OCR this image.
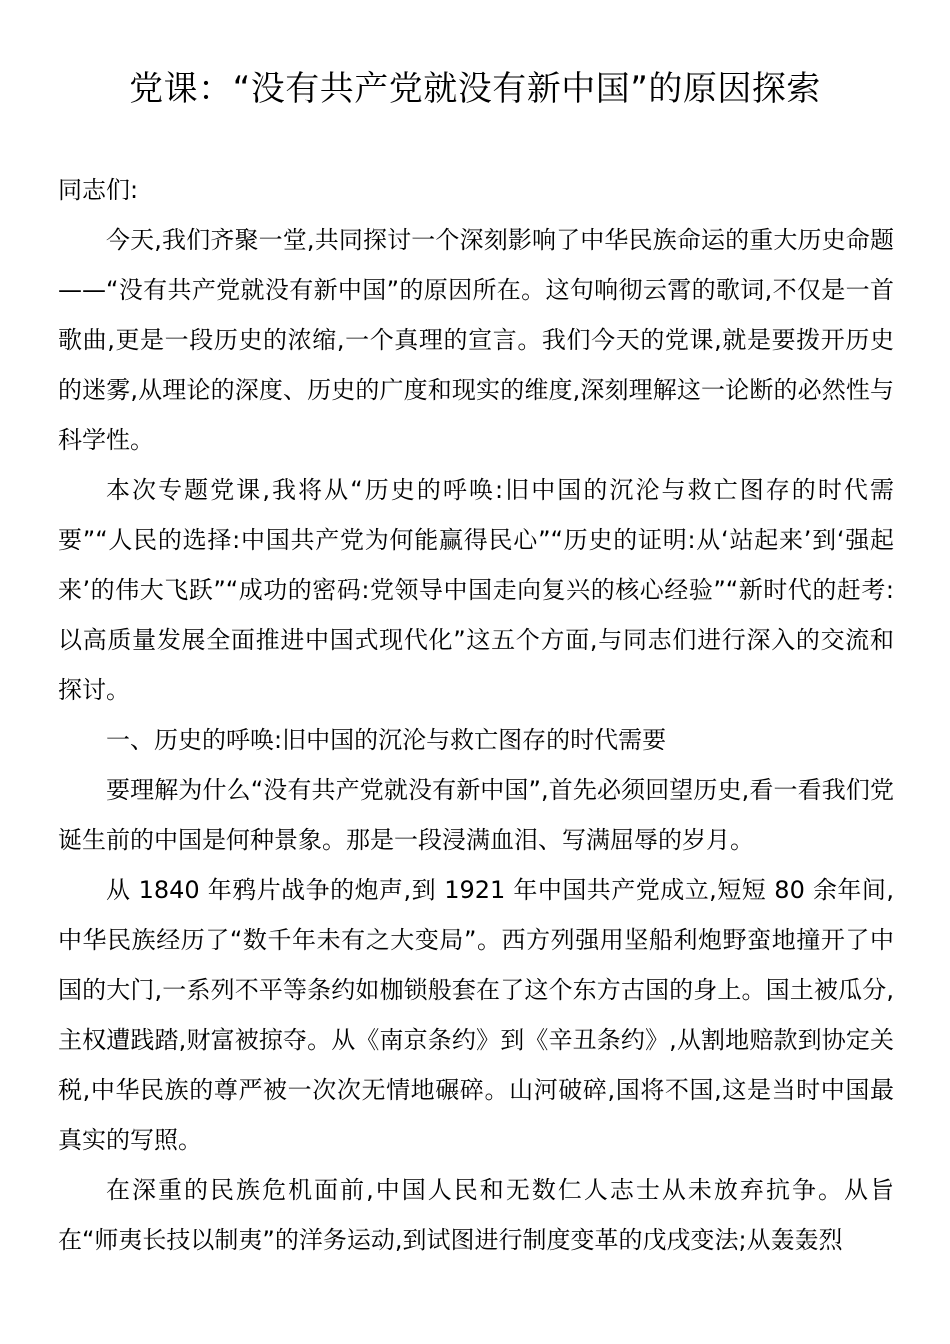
党课：“没有共产党就没有新中国”的原因探索

同志们:

今天,我们齐聚一堂,共同探讨一个深刻影响了中华民族命运的重大历史命题——“没有共产党就没有新中国”的原因所在。这句响彻云霄的歌词,不仅是一首歌曲,更是一段历史的浓缩,一个真理的宣言。我们今天的党课,就是要拨开历史的迷雾,从理论的深度、历史的广度和现实的维度,深刻理解这一论断的必然性与科学性。

本次专题党课,我将从“历史的呼唤:旧中国的沉沦与救亡图存的时代需要”“人民的选择:中国共产党为何能赢得民心”“历史的证明:从‘站起来’到‘强起来’的伟大飞跃”“成功的密码:党领导中国走向复兴的核心经验”“新时代的赶考:以高质量发展全面推进中国式现代化”这五个方面,与同志们进行深入的交流和探讨。

一、历史的呼唤:旧中国的沉沦与救亡图存的时代需要

要理解为什么“没有共产党就没有新中国”,首先必须回望历史,看一看我们党诞生前的中国是何种景象。那是一段浸满血泪、写满屈辱的岁月。

从 1840 年鸦片战争的炮声,到 1921 年中国共产党成立,短短 80 余年间,中华民族经历了“数千年未有之大变局”。西方列强用坚船利炮野蛮地撞开了中国的大门,一系列不平等条约如枷锁般套在了这个东方古国的身上。国土被瓜分,主权遭践踏,财富被掠夺。从《南京条约》到《辛丑条约》,从割地赔款到协定关税,中华民族的尊严被一次次无情地碾碎。山河破碎,国将不国,这是当时中国最真实的写照。

在深重的民族危机面前,中国人民和无数仁人志士从未放弃抗争。从旨在“师夷长技以制夷”的洋务运动,到试图进行制度变革的戊戌变法;从轰轰烈
